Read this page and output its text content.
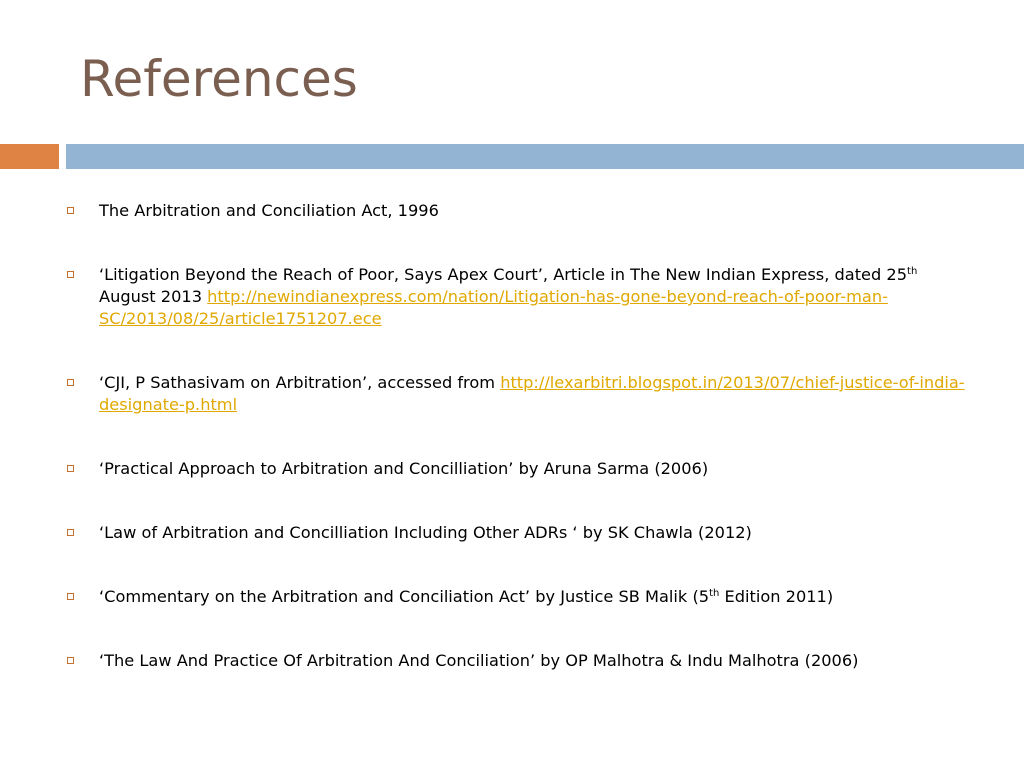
References
The Arbitration and Conciliation Act, 1996
‘Litigation Beyond the Reach of Poor, Says Apex Court’, Article in The New Indian Express, dated 25th August 2013 http://newindianexpress.com/nation/Litigation-has-gone-beyond-reach-of-poor-man-SC/2013/08/25/article1751207.ece
‘CJI, P Sathasivam on Arbitration’, accessed from http://lexarbitri.blogspot.in/2013/07/chief-justice-of-india-designate-p.html
‘Practical Approach to Arbitration and Concilliation’ by Aruna Sarma (2006)
‘Law of Arbitration and Concilliation Including Other ADRs ‘ by SK Chawla (2012)
‘Commentary on the Arbitration and Conciliation Act’ by Justice SB Malik (5th Edition 2011)
‘The Law And Practice Of Arbitration And Conciliation’ by OP Malhotra & Indu Malhotra (2006)
